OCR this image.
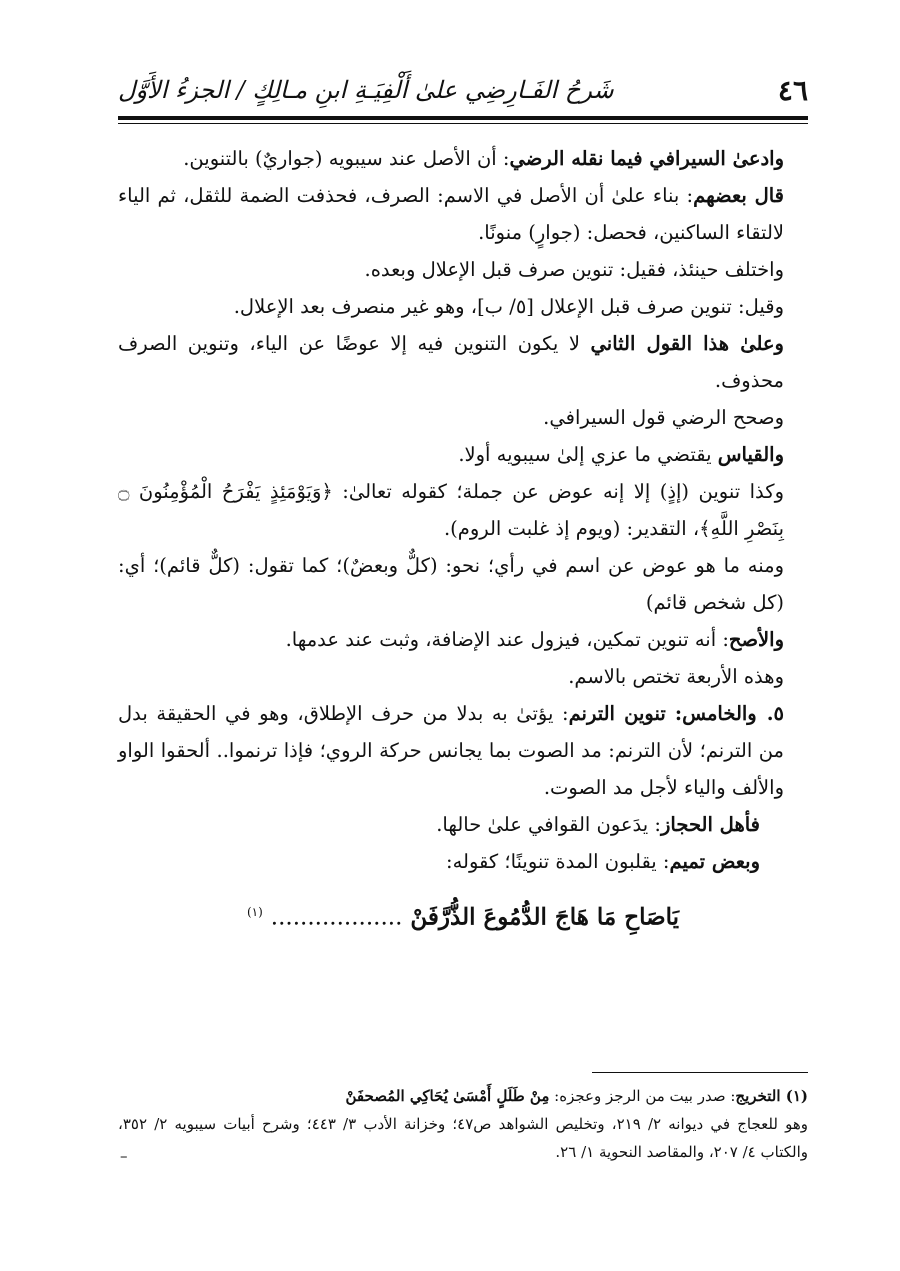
٤٦
شَرحُ الفَـارِضِي علىٰ أَلْفِيَـةِ ابنِ مـالِكٍ / الجزءُ الأَوَّل

وادعىٰ السيرافي فيما نقله الرضي: أن الأصل عند سيبويه (جواريٌ) بالتنوين.

قال بعضهم: بناء علىٰ أن الأصل في الاسم: الصرف، فحذفت الضمة للثقل، ثم الياء لالتقاء الساكنين، فحصل: (جوارٍ) منونًا.

واختلف حينئذ، فقيل: تنوين صرف قبل الإعلال وبعده.

وقيل: تنوين صرف قبل الإعلال [٥/ ب]، وهو غير منصرف بعد الإعلال.

وعلىٰ هذا القول الثاني لا يكون التنوين فيه إلا عوضًا عن الياء، وتنوين الصرف محذوف.

وصحح الرضي قول السيرافي.

والقياس يقتضي ما عزي إلىٰ سيبويه أولا.

وكذا تنوين (إذٍ) إلا إنه عوض عن جملة؛ كقوله تعالىٰ: ﴿وَيَوْمَئِذٍ يَفْرَحُ الْمُؤْمِنُونَ ۝ بِنَصْرِ اللَّهِ﴾، التقدير: (ويوم إذ غلبت الروم).

ومنه ما هو عوض عن اسم في رأي؛ نحو: (كلٌّ وبعضٌ)؛ كما تقول: (كلٌّ قائم)؛ أي: (كل شخص قائم)

والأصح: أنه تنوين تمكين، فيزول عند الإضافة، وثبت عند عدمها.

وهذه الأربعة تختص بالاسم.

٥.والخامس: تنوين الترنم: يؤتىٰ به بدلا من حرف الإطلاق، وهو في الحقيقة بدل من الترنم؛ لأن الترنم: مد الصوت بما يجانس حركة الروي؛ فإذا ترنموا.. ألحقوا الواو والألف والياء لأجل مد الصوت.

فأهل الحجاز: يدَعون القوافي علىٰ حالها.

وبعض تميم: يقلبون المدة تنوينًا؛ كقوله:

يَاصَاحِ مَا هَاجَ الدُّمُوعَ الذُّرَّفَنْ .................. $^{(١)}$

(١) التخريج: صدر بيت من الرجز وعجزه: مِنْ طَلَلٍ أَمْسَىٰ يُحَاكِي المُصحفَنْ

وهو للعجاج في ديوانه ٢/ ٢١٩، وتخليص الشواهد ص٤٧؛ وخزانة الأدب ٣/ ٤٤٣؛ وشرح أبيات سيبويه ٢/ ٣٥٢، والكتاب ٤/ ٢٠٧، والمقاصد النحوية ١/ ٢٦.

–
